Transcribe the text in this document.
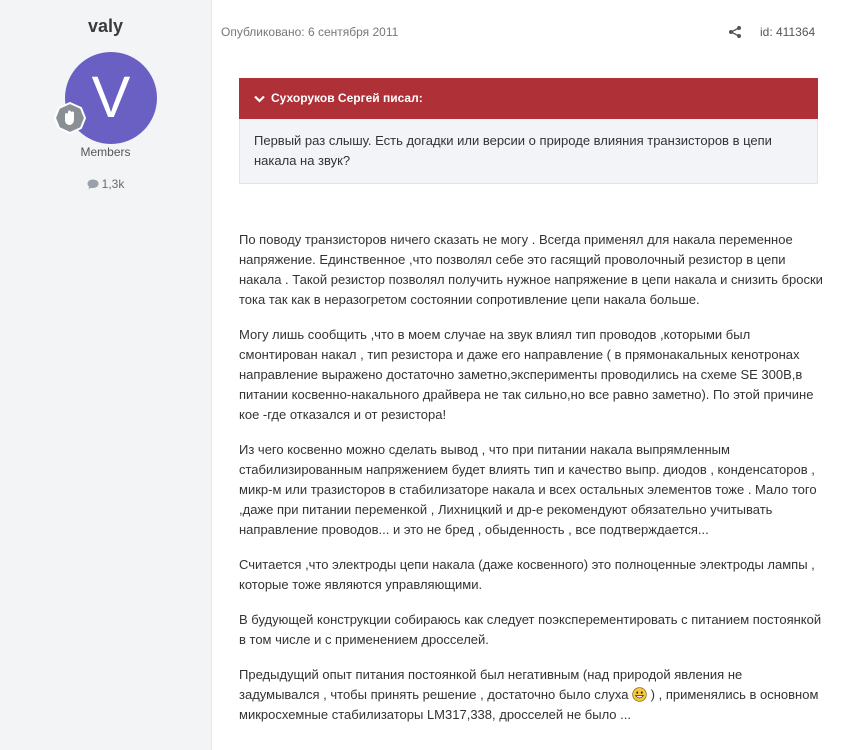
valy
V
Members
1,3k
Опубликовано: 6 сентября 2011	id: 411364
Сухоруков Сергей писал:
Первый раз слышу. Есть догадки или версии о природе влияния транзисторов в цепи накала на звук?

По поводу транзисторов ничего сказать не могу . Всегда применял для накала переменное напряжение. Единственное ,что позволял себе это гасящий проволочный резистор в цепи накала . Такой резистор позволял получить нужное напряжение в цепи накала и снизить броски тока так как в неразогретом состоянии сопротивление цепи накала больше.

Могу лишь сообщить ,что в моем случае на звук влиял тип проводов ,которыми был смонтирован накал , тип резистора и даже его направление ( в прямонакальных кенотронах направление выражено достаточно заметно,эксперименты проводились на схеме SE 300B,в питании косвенно-накального драйвера не так сильно,но все равно заметно). По этой причине кое -где отказался и от резистора!

Из чего косвенно можно сделать вывод , что при питании накала выпрямленным стабилизированным напряжением будет влиять тип и качество выпр. диодов , конденсаторов , микр-м или тразисторов в стабилизаторе накала и всех остальных элементов тоже . Мало того ,даже при питании переменкой , Лихницкий и др-е рекомендуют обязательно учитывать направление проводов... и это не бред , обыденность , все подтверждается...

Считается ,что электроды цепи накала (даже косвенного) это полноценные электроды лампы , которые тоже являются управляющими.

В будующей конструкции собираюсь как следует поэксперементировать с питанием постоянкой в том числе и с применением дросселей.

Предыдущий опыт питания постоянкой был негативным (над природой явления не задумывался , чтобы принять решение , достаточно было слуха  ) , применялись в основном микросхемные стабилизаторы LM317,338, дросселей не было ...
